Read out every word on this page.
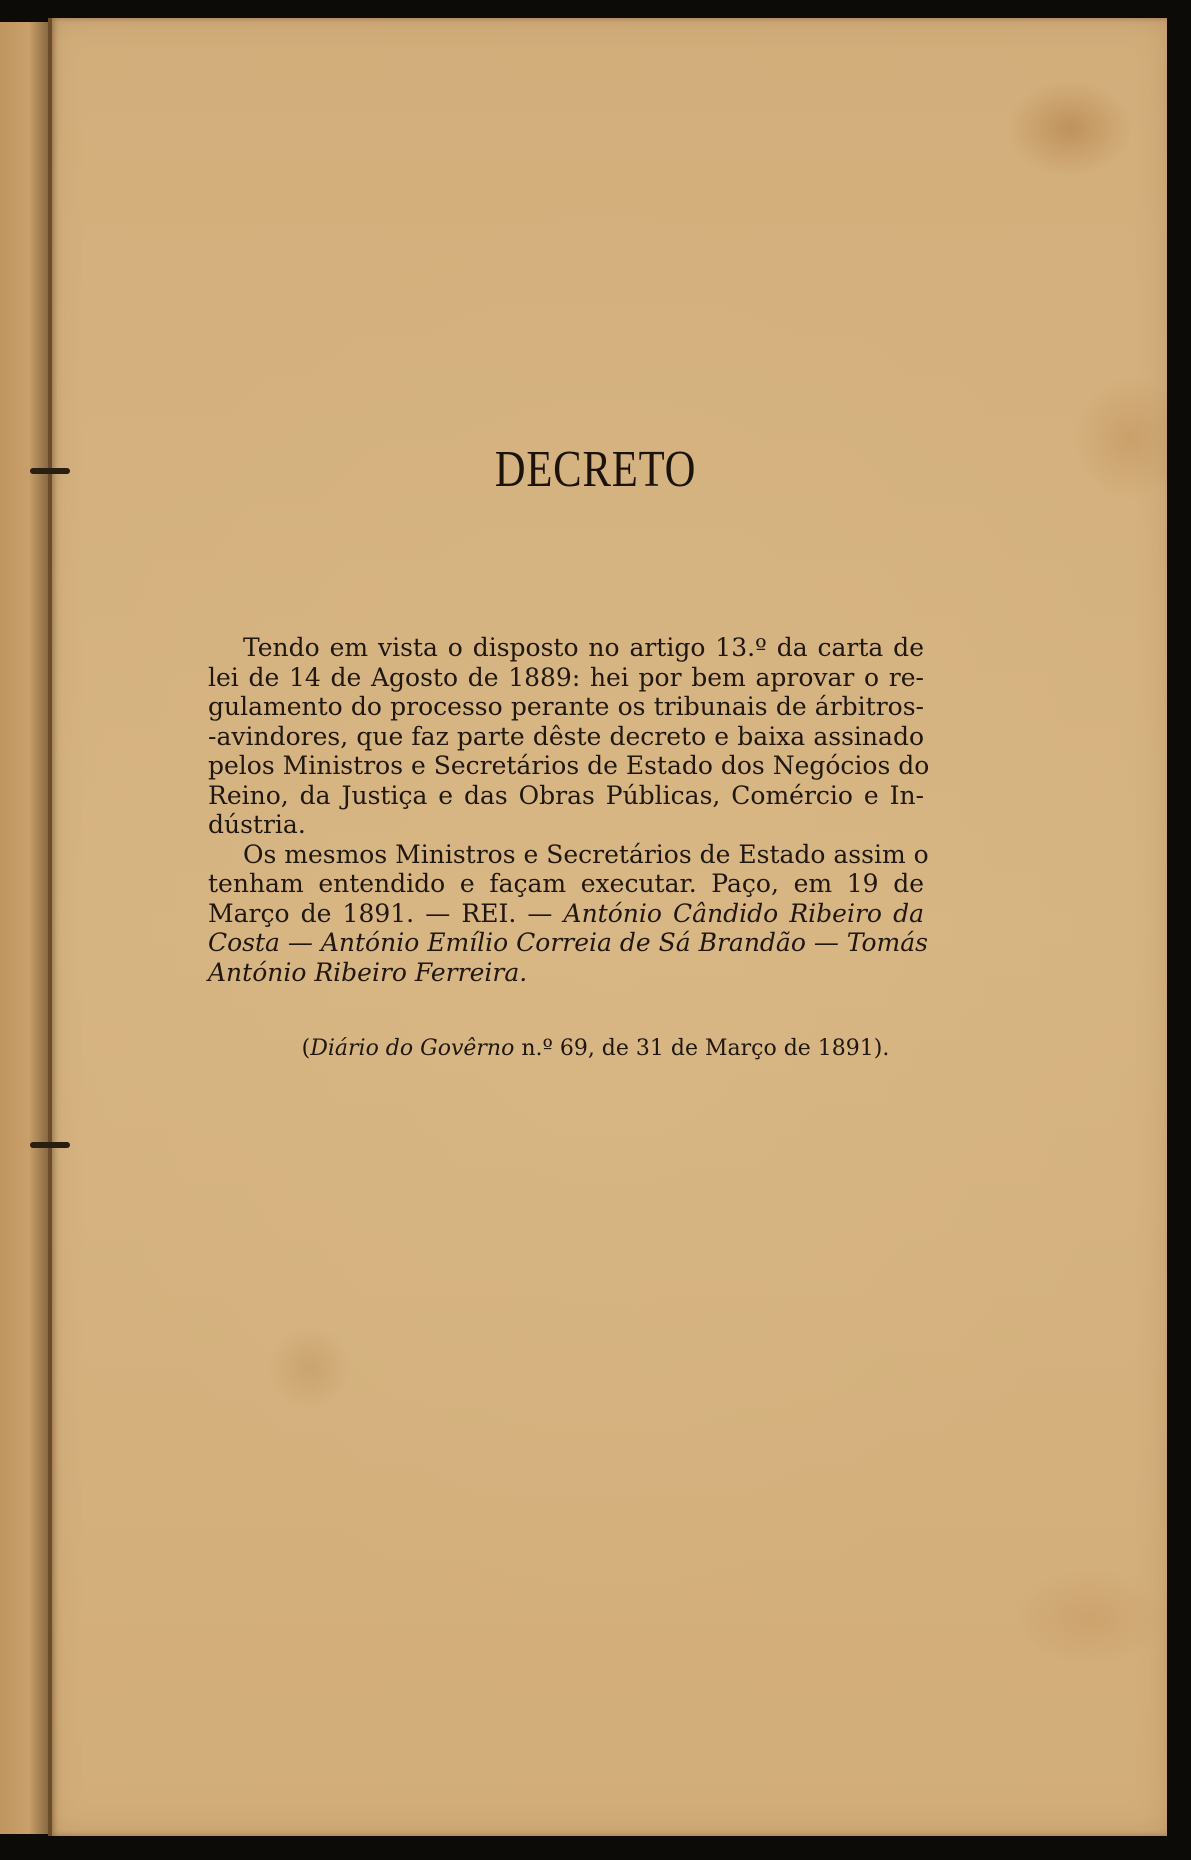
DECRETO
Tendo em vista o disposto no artigo 13.º da carta de
lei de 14 de Agosto de 1889: hei por bem aprovar o re-
gulamento do processo perante os tribunais de árbitros-
-avindores, que faz parte dêste decreto e baixa assinado
pelos Ministros e Secretários de Estado dos Negócios do
Reino, da Justiça e das Obras Públicas, Comércio e In-
dústria.
Os mesmos Ministros e Secretários de Estado assim o
tenham entendido e façam executar. Paço, em 19 de
Março de 1891. — REI. — António Cândido Ribeiro da
Costa — António Emílio Correia de Sá Brandão — Tomás
António Ribeiro Ferreira.
(Diário do Govêrno n.º 69, de 31 de Março de 1891).
